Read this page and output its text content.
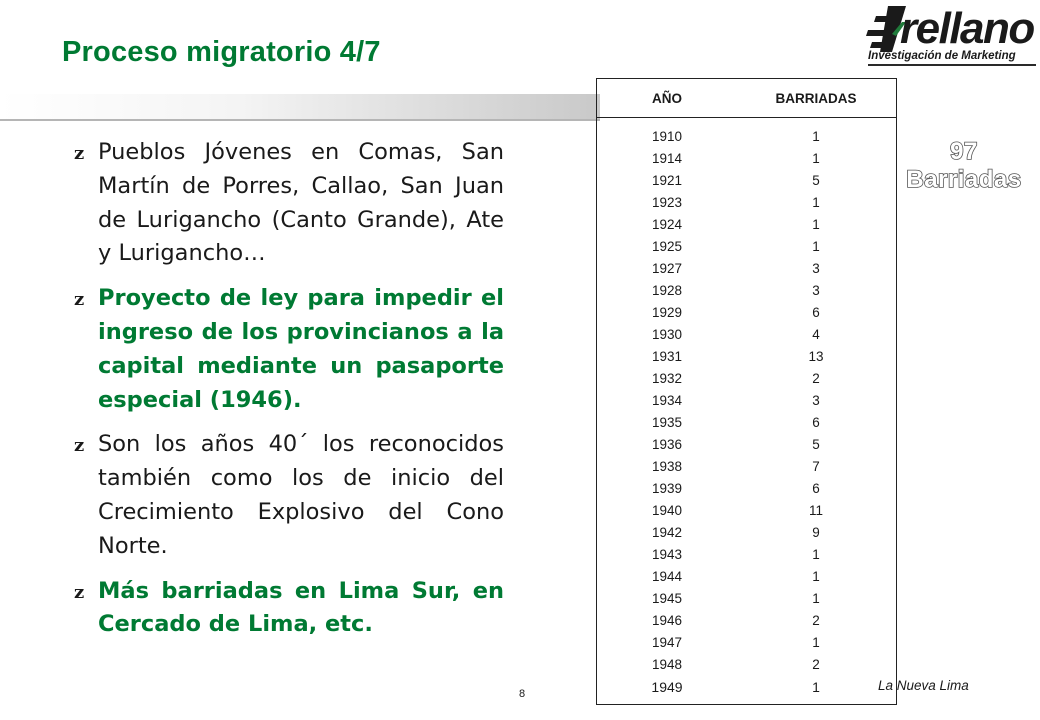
Proceso migratorio 4/7	rellano
Investigación de Marketing
z Pueblos Jóvenes en Comas, San Martín de Porres, Callao, San Juan de Lurigancho (Canto Grande), Ate y Lurigancho…
z Proyecto de ley para impedir el ingreso de los provincianos a la capital mediante un pasaporte especial (1946).
z Son los años 40´ los reconocidos también como los de inicio del Crecimiento Explosivo del Cono Norte.
z Más barriadas en Lima Sur, en Cercado de Lima, etc.
AÑO	BARRIADAS
1910
1914
1921
1923
1924
1925
1927
1928
1929
1930
1931
1932
1934
1935
1936
1938
1939
1940
1942
1943
1944
1945
1946
1947
1948
1949
1
1
5
1
1
1
3
3
6
4
13
2
3
6
5
7
6
11
9
1
1
1
2
1
2
1
97
Barriadas
8
La Nueva Lima
